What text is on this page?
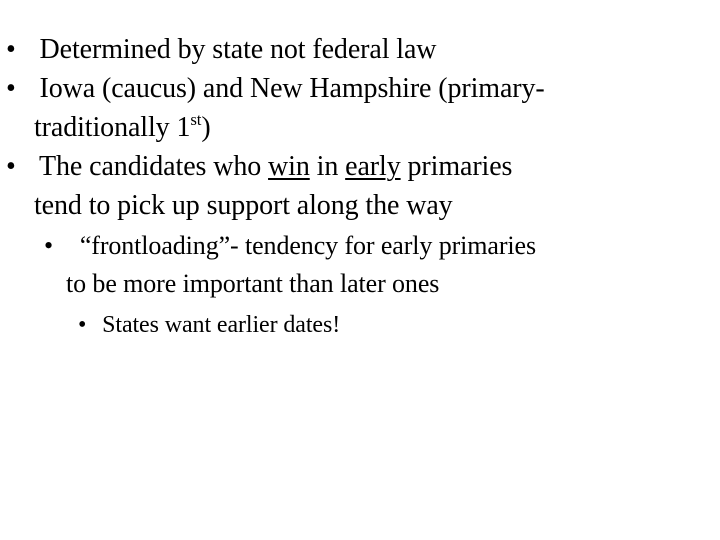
• Determined by state not federal law
• Iowa (caucus) and New Hampshire (primary-
traditionally 1st)
• The candidates who win in early primaries
tend to pick up support along the way
• “frontloading”- tendency for early primaries
to be more important than later ones
• States want earlier dates!
